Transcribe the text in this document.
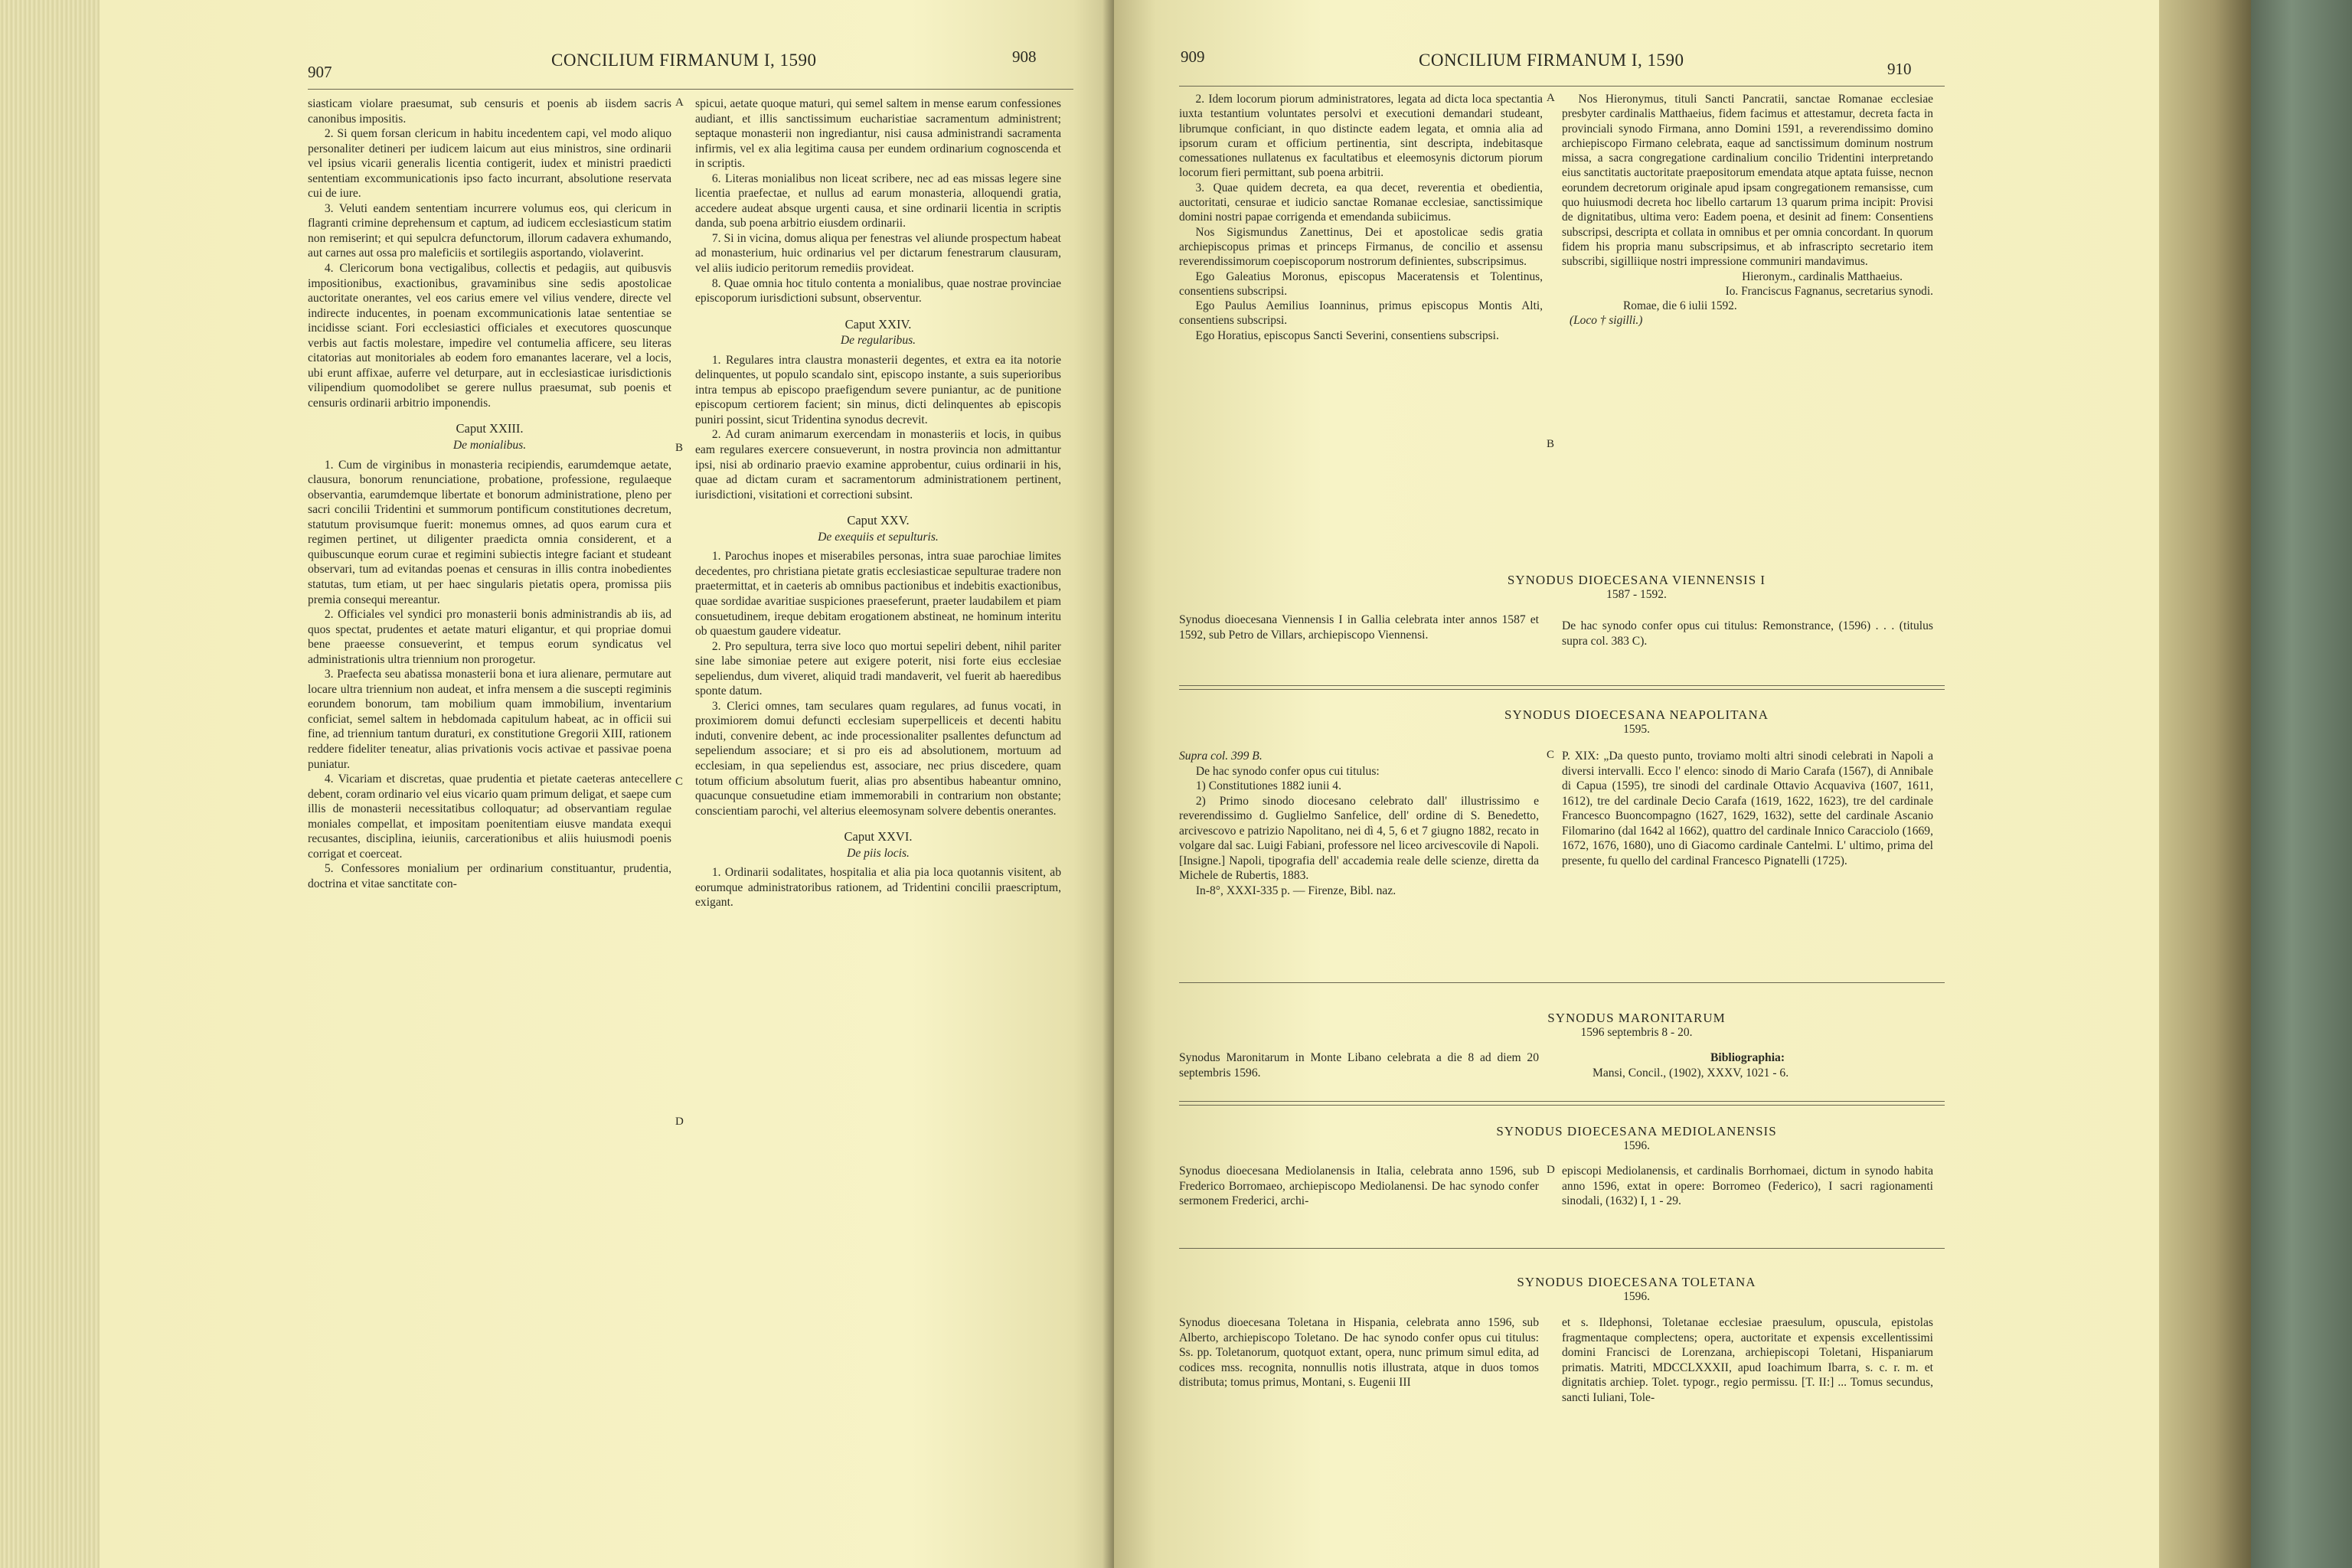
907
908
CONCILIUM FIRMANUM I, 1590

siasticam violare praesumat, sub censuris et poenis ab iisdem sacris canonibus impositis.

2. Si quem forsan clericum in habitu incedentem capi, vel modo aliquo personaliter detineri per iudicem laicum aut eius ministros, sine ordinarii vel ipsius vicarii generalis licentia contigerit, iudex et ministri praedicti sententiam excommunicationis ipso facto incurrant, absolutione reservata cui de iure.

3. Veluti eandem sententiam incurrere volumus eos, qui clericum in flagranti crimine deprehensum et captum, ad iudicem ecclesiasticum statim non remiserint; et qui sepulcra defunctorum, illorum cadavera exhumando, aut carnes aut ossa pro maleficiis et sortilegiis asportando, violaverint.

4. Clericorum bona vectigalibus, collectis et pedagiis, aut quibusvis impositionibus, exactionibus, gravaminibus sine sedis apostolicae auctoritate onerantes, vel eos carius emere vel vilius vendere, directe vel indirecte inducentes, in poenam excommunicationis latae sententiae se incidisse sciant. Fori ecclesiastici officiales et executores quoscunque verbis aut factis molestare, impedire vel contumelia afficere, seu literas citatorias aut monitoriales ab eodem foro emanantes lacerare, vel a locis, ubi erunt affixae, auferre vel deturpare, aut in ecclesiasticae iurisdictionis vilipendium quomodolibet se gerere nullus praesumat, sub poenis et censuris ordinarii arbitrio imponendis.

Caput XXIII.
De monialibus.

1. Cum de virginibus in monasteria recipiendis, earumdemque aetate, clausura, bonorum renunciatione, probatione, professione, regulaeque observantia, earumdemque libertate et bonorum administratione, pleno per sacri concilii Tridentini et summorum pontificum constitutiones decretum, statutum provisumque fuerit: monemus omnes, ad quos earum cura et regimen pertinet, ut diligenter praedicta omnia considerent, et a quibuscunque eorum curae et regimini subiectis integre faciant et studeant observari, tum ad evitandas poenas et censuras in illis contra inobedientes statutas, tum etiam, ut per haec singularis pietatis opera, promissa piis premia consequi mereantur.

2. Officiales vel syndici pro monasterii bonis administrandis ab iis, ad quos spectat, prudentes et aetate maturi eligantur, et qui propriae domui bene praeesse consueverint, et tempus eorum syndicatus vel administrationis ultra triennium non prorogetur.

3. Praefecta seu abatissa monasterii bona et iura alienare, permutare aut locare ultra triennium non audeat, et infra mensem a die suscepti regiminis eorundem bonorum, tam mobilium quam immobilium, inventarium conficiat, semel saltem in hebdomada capitulum habeat, ac in officii sui fine, ad triennium tantum duraturi, ex constitutione Gregorii XIII, rationem reddere fideliter teneatur, alias privationis vocis activae et passivae poena puniatur.

4. Vicariam et discretas, quae prudentia et pietate caeteras antecellere debent, coram ordinario vel eius vicario quam primum deligat, et saepe cum illis de monasterii necessitatibus colloquatur; ad observantiam regulae moniales compellat, et impositam poenitentiam eiusve mandata exequi recusantes, disciplina, ieiuniis, carcerationibus et aliis huiusmodi poenis corrigat et coerceat.

5. Confessores monialium per ordinarium constituantur, prudentia, doctrina et vitae sanctitate con-

A
B
C
D

spicui, aetate quoque maturi, qui semel saltem in mense earum confessiones audiant, et illis sanctissimum eucharistiae sacramentum administrent; septaque monasterii non ingrediantur, nisi causa administrandi sacramenta infirmis, vel ex alia legitima causa per eundem ordinarium cognoscenda et in scriptis.

6. Literas monialibus non liceat scribere, nec ad eas missas legere sine licentia praefectae, et nullus ad earum monasteria, alloquendi gratia, accedere audeat absque urgenti causa, et sine ordinarii licentia in scriptis danda, sub poena arbitrio eiusdem ordinarii.

7. Si in vicina, domus aliqua per fenestras vel aliunde prospectum habeat ad monasterium, huic ordinarius vel per dictarum fenestrarum clausuram, vel aliis iudicio peritorum remediis provideat.

8. Quae omnia hoc titulo contenta a monialibus, quae nostrae provinciae episcoporum iurisdictioni subsunt, observentur.

Caput XXIV.
De regularibus.

1. Regulares intra claustra monasterii degentes, et extra ea ita notorie delinquentes, ut populo scandalo sint, episcopo instante, a suis superioribus intra tempus ab episcopo praefigendum severe puniantur, ac de punitione episcopum certiorem facient; sin minus, dicti delinquentes ab episcopis puniri possint, sicut Tridentina synodus decrevit.

2. Ad curam animarum exercendam in monasteriis et locis, in quibus eam regulares exercere consueverunt, in nostra provincia non admittantur ipsi, nisi ab ordinario praevio examine approbentur, cuius ordinarii in his, quae ad dictam curam et sacramentorum administrationem pertinent, iurisdictioni, visitationi et correctioni subsint.

Caput XXV.
De exequiis et sepulturis.

1. Parochus inopes et miserabiles personas, intra suae parochiae limites decedentes, pro christiana pietate gratis ecclesiasticae sepulturae tradere non praetermittat, et in caeteris ab omnibus pactionibus et indebitis exactionibus, quae sordidae avaritiae suspiciones praeseferunt, praeter laudabilem et piam consuetudinem, ireque debitam erogationem abstineat, ne hominum interitu ob quaestum gaudere videatur.

2. Pro sepultura, terra sive loco quo mortui sepeliri debent, nihil pariter sine labe simoniae petere aut exigere poterit, nisi forte eius ecclesiae sepeliendus, dum viveret, aliquid tradi mandaverit, vel fuerit ab haeredibus sponte datum.

3. Clerici omnes, tam seculares quam regulares, ad funus vocati, in proximiorem domui defuncti ecclesiam superpelliceis et decenti habitu induti, convenire debent, ac inde processionaliter psallentes defunctum ad sepeliendum associare; et si pro eis ad absolutionem, mortuum ad ecclesiam, in qua sepeliendus est, associare, nec prius discedere, quam totum officium absolutum fuerit, alias pro absentibus habeantur omnino, quacunque consuetudine etiam immemorabili in contrarium non obstante; conscientiam parochi, vel alterius eleemosynam solvere debentis onerantes.

Caput XXVI.
De piis locis.

1. Ordinarii sodalitates, hospitalia et alia pia loca quotannis visitent, ab eorumque administratoribus rationem, ad Tridentini concilii praescriptum, exigant.

909
910
CONCILIUM FIRMANUM I, 1590

2. Idem locorum piorum administratores, legata ad dicta loca spectantia iuxta testantium voluntates persolvi et executioni demandari studeant, librumque conficiant, in quo distincte eadem legata, et omnia alia ad ipsorum curam et officium pertinentia, sint descripta, indebitasque comessationes nullatenus ex facultatibus et eleemosynis dictorum piorum locorum fieri permittant, sub poena arbitrii.

3. Quae quidem decreta, ea qua decet, reverentia et obedientia, auctoritati, censurae et iudicio sanctae Romanae ecclesiae, sanctissimique domini nostri papae corrigenda et emendanda subiicimus.

Nos Sigismundus Zanettinus, Dei et apostolicae sedis gratia archiepiscopus primas et princeps Firmanus, de concilio et assensu reverendissimorum coepiscoporum nostrorum definientes, subscripsimus.

Ego Galeatius Moronus, episcopus Maceratensis et Tolentinus, consentiens subscripsi.

Ego Paulus Aemilius Ioanninus, primus episcopus Montis Alti, consentiens subscripsi.

Ego Horatius, episcopus Sancti Severini, consentiens subscripsi.

A
B

Nos Hieronymus, tituli Sancti Pancratii, sanctae Romanae ecclesiae presbyter cardinalis Matthaeius, fidem facimus et attestamur, decreta facta in provinciali synodo Firmana, anno Domini 1591, a reverendissimo domino archiepiscopo Firmano celebrata, eaque ad sanctissimum dominum nostrum missa, a sacra congregatione cardinalium concilio Tridentini interpretando eius sanctitatis auctoritate praepositorum emendata atque aptata fuisse, necnon eorundem decretorum originale apud ipsam congregationem remansisse, cum quo huiusmodi decreta hoc libello cartarum 13 quarum prima incipit: Provisi de dignitatibus, ultima vero: Eadem poena, et desinit ad finem: Consentiens subscripsi, descripta et collata in omnibus et per omnia concordant. In quorum fidem his propria manu subscripsimus, et ab infrascripto secretario item subscribi, sigilliique nostri impressione communiri mandavimus.

Hieronym., cardinalis Matthaeius.

Io. Franciscus Fagnanus, secretarius synodi.

Romae, die 6 iulii 1592.

(Loco † sigilli.)

SYNODUS DIOECESANA VIENNENSIS I
1587 - 1592.
Synodus dioecesana Viennensis I in Gallia celebrata inter annos 1587 et 1592, sub Petro de Villars, archiepiscopo Viennensi.
De hac synodo confer opus cui titulus: Remonstrance, (1596) . . . (titulus supra col. 383 C).
SYNODUS DIOECESANA NEAPOLITANA
1595.

Supra col. 399 B.

De hac synodo confer opus cui titulus:

1) Constitutiones 1882 iunii 4.

2) Primo sinodo diocesano celebrato dall' illustrissimo e reverendissimo d. Guglielmo Sanfelice, dell' ordine di S. Benedetto, arcivescovo e patrizio Napolitano, nei dì 4, 5, 6 et 7 giugno 1882, recato in volgare dal sac. Luigi Fabiani, professore nel liceo arcivescovile di Napoli. [Insigne.] Napoli, tipografia dell' accademia reale delle scienze, diretta da Michele de Rubertis, 1883.

In-8°, XXXI-335 p. — Firenze, Bibl. naz.

C P. XIX: „Da questo punto, troviamo molti altri sinodi celebrati in Napoli a diversi intervalli. Ecco l' elenco: sinodo di Mario Carafa (1567), di Annibale di Capua (1595), tre sinodi del cardinale Ottavio Acquaviva (1607, 1611, 1612), tre del cardinale Decio Carafa (1619, 1622, 1623), tre del cardinale Francesco Buoncompagno (1627, 1629, 1632), sette del cardinale Ascanio Filomarino (dal 1642 al 1662), quattro del cardinale Innico Caracciolo (1669, 1672, 1676, 1680), uno di Giacomo cardinale Cantelmi. L' ultimo, prima del presente, fu quello del cardinal Francesco Pignatelli (1725).
SYNODUS MARONITARUM
1596 septembris 8 - 20.
Synodus Maronitarum in Monte Libano celebrata a die 8 ad diem 20 septembris 1596.

Bibliographia:

Mansi, Concil., (1902), XXXV, 1021 - 6.

SYNODUS DIOECESANA MEDIOLANENSIS
1596.
Synodus dioecesana Mediolanensis in Italia, celebrata anno 1596, sub Frederico Borromaeo, archiepiscopo Mediolanensi. De hac synodo confer sermonem Frederici, archi-
D episcopi Mediolanensis, et cardinalis Borrhomaei, dictum in synodo habita anno 1596, extat in opere: Borromeo (Federico), I sacri ragionamenti sinodali, (1632) I, 1 - 29.
SYNODUS DIOECESANA TOLETANA
1596.
Synodus dioecesana Toletana in Hispania, celebrata anno 1596, sub Alberto, archiepiscopo Toletano. De hac synodo confer opus cui titulus: Ss. pp. Toletanorum, quotquot extant, opera, nunc primum simul edita, ad codices mss. recognita, nonnullis notis illustrata, atque in duos tomos distributa; tomus primus, Montani, s. Eugenii III
et s. Ildephonsi, Toletanae ecclesiae praesulum, opuscula, epistolas fragmentaque complectens; opera, auctoritate et expensis excellentissimi domini Francisci de Lorenzana, archiepiscopi Toletani, Hispaniarum primatis. Matriti, MDCCLXXXII, apud Ioachimum Ibarra, s. c. r. m. et dignitatis archiep. Tolet. typogr., regio permissu. [T. II:] ... Tomus secundus, sancti Iuliani, Tole-
